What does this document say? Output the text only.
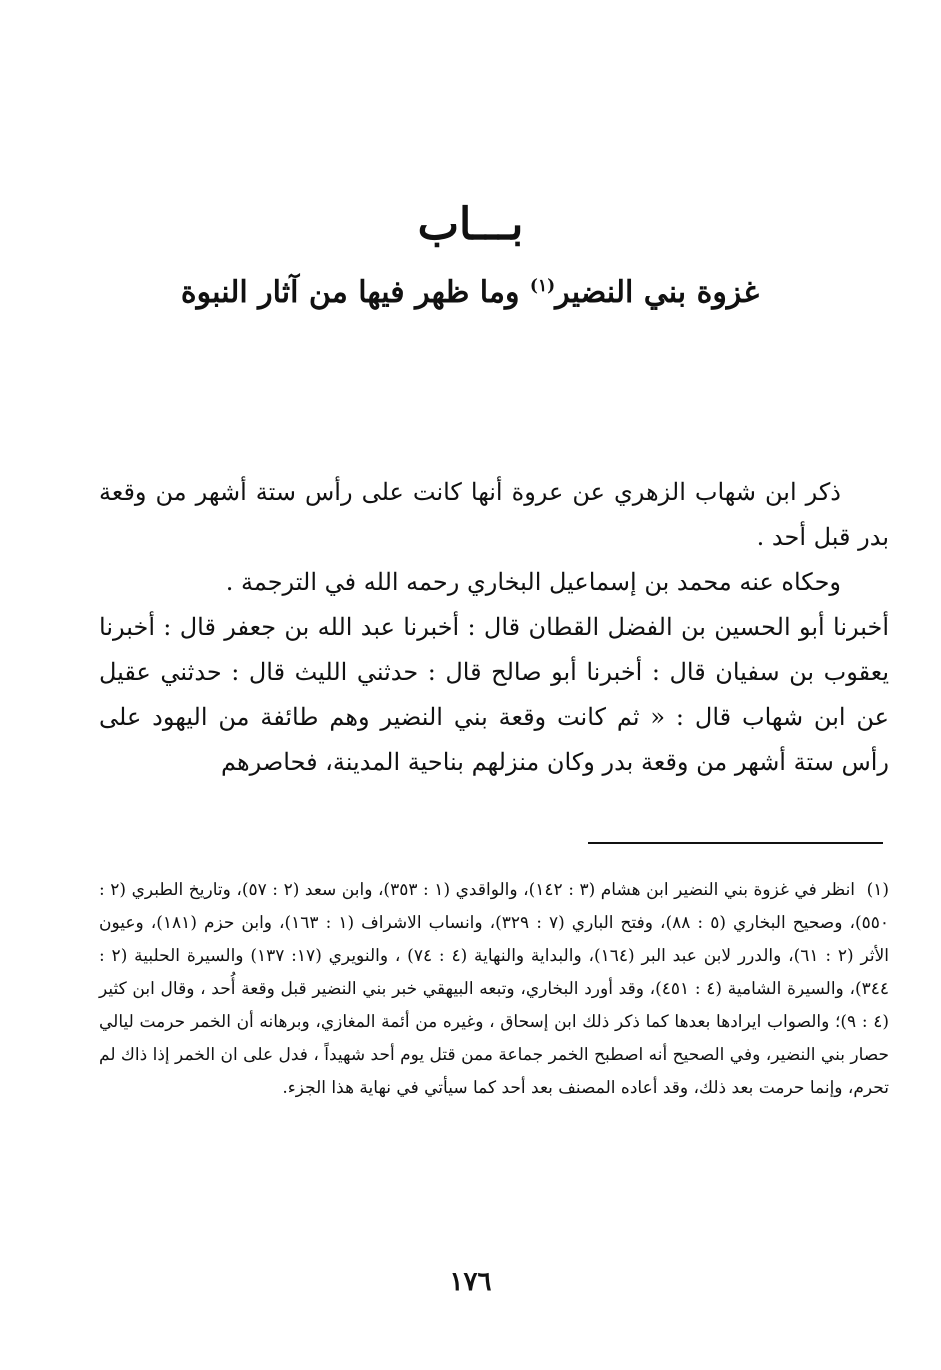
بـــاب
غزوة بني النضير$^{(١)}$ وما ظهر فيها من آثار النبوة

ذكر ابن شهاب الزهري عن عروة أنها كانت على رأس ستة أشهر من وقعة بدر قبل أحد .

وحكاه عنه محمد بن إسماعيل البخاري رحمه الله في الترجمة .

أخبرنا أبو الحسين بن الفضل القطان قال : أخبرنا عبد الله بن جعفر قال : أخبرنا يعقوب بن سفيان قال : أخبرنا أبو صالح قال : حدثني الليث قال : حدثني عقيل عن ابن شهاب قال : « ثم كانت وقعة بني النضير وهم طائفة من اليهود على رأس ستة أشهر من وقعة بدر وكان منزلهم بناحية المدينة، فحاصرهم

(١) انظر في غزوة بني النضير ابن هشام (٣ : ١٤٢)، والواقدي (١ : ٣٥٣)، وابن سعد (٢ : ٥٧)، وتاريخ الطبري (٢ : ٥٥٠)، وصحيح البخاري (٥ : ٨٨)، وفتح الباري (٧ : ٣٢٩)، وانساب الاشراف (١ : ١٦٣)، وابن حزم (١٨١)، وعيون الأثر (٢ : ٦١)، والدرر لابن عبد البر (١٦٤)، والبداية والنهاية (٤ : ٧٤) ، والنويري (١٧: ١٣٧) والسيرة الحلبية (٢ : ٣٤٤)، والسيرة الشامية (٤ : ٤٥١)، وقد أورد البخاري، وتبعه البيهقي خبر بني النضير قبل وقعة أُحد ، وقال ابن كثير (٤ : ٩)؛ والصواب ايرادها بعدها كما ذكر ذلك ابن إسحاق ، وغيره من أئمة المغازي، وبرهانه أن الخمر حرمت ليالي حصار بني النضير، وفي الصحيح أنه اصطبح الخمر جماعة ممن قتل يوم أحد شهيداً ، فدل على ان الخمر إذا ذاك لم تحرم، وإنما حرمت بعد ذلك، وقد أعاده المصنف بعد أحد كما سيأتي في نهاية هذا الجزء.
١٧٦
